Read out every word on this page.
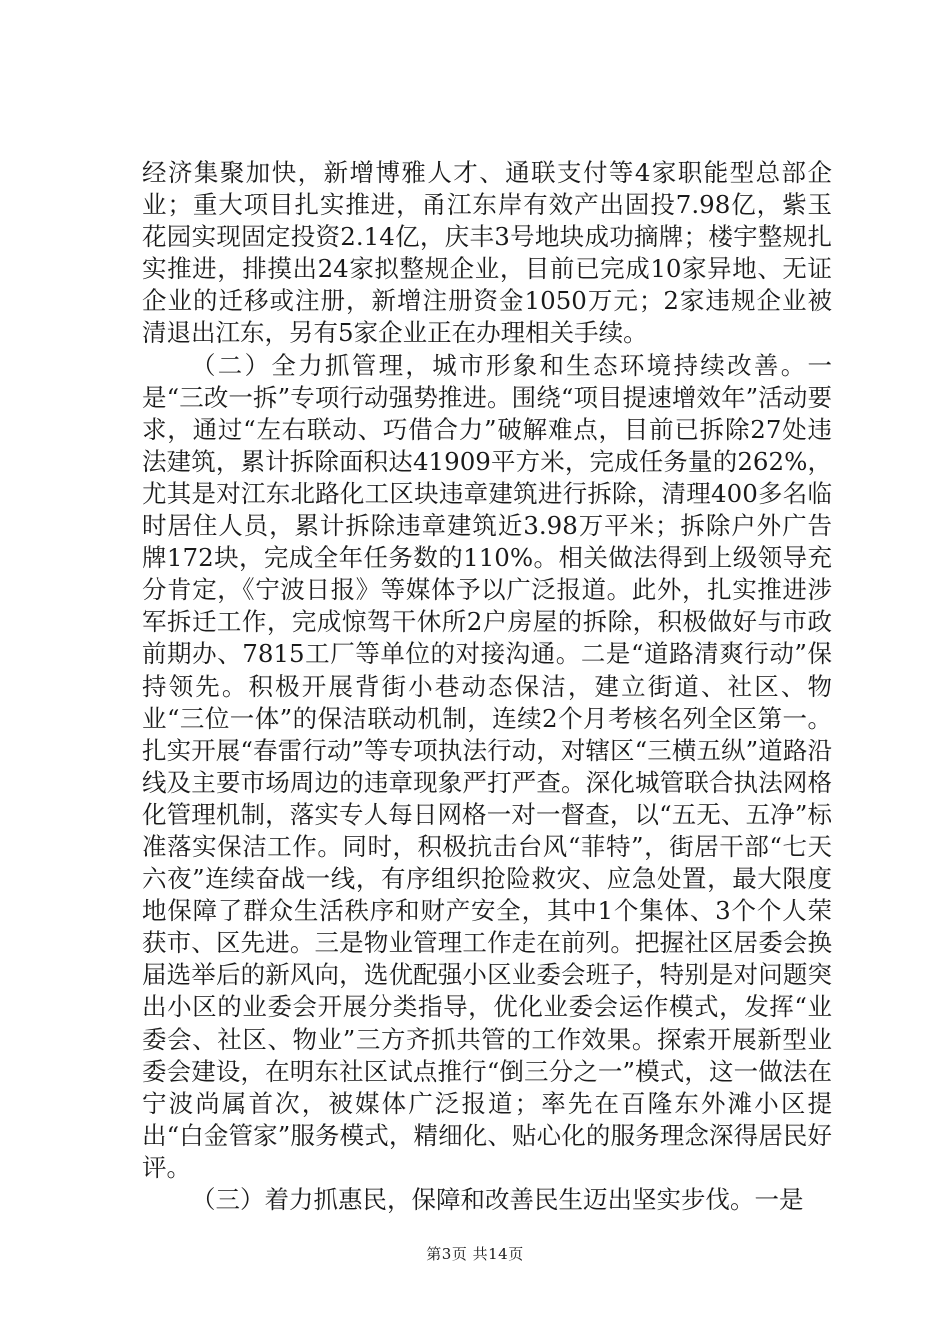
经济集聚加快，新增博雅人才、通联支付等4家职能型总部企业；重大项目扎实推进，甬江东岸有效产出固投7.98亿，紫玉花园实现固定投资2.14亿，庆丰3号地块成功摘牌；楼宇整规扎实推进，排摸出24家拟整规企业，目前已完成10家异地、无证企业的迁移或注册，新增注册资金1050万元；2家违规企业被清退出江东，另有5家企业正在办理相关手续。

（二）全力抓管理，城市形象和生态环境持续改善。一是“三改一拆”专项行动强势推进。围绕“项目提速增效年”活动要求，通过“左右联动、巧借合力”破解难点，目前已拆除27处违法建筑，累计拆除面积达41909平方米，完成任务量的262%，尤其是对江东北路化工区块违章建筑进行拆除，清理400多名临时居住人员，累计拆除违章建筑近3.98万平米；拆除户外广告牌172块，完成全年任务数的110%。相关做法得到上级领导充分肯定，《宁波日报》等媒体予以广泛报道。此外，扎实推进涉军拆迁工作，完成惊驾干休所2户房屋的拆除，积极做好与市政前期办、7815工厂等单位的对接沟通。二是“道路清爽行动”保持领先。积极开展背街小巷动态保洁，建立街道、社区、物业“三位一体”的保洁联动机制，连续2个月考核名列全区第一。扎实开展“春雷行动”等专项执法行动，对辖区“三横五纵”道路沿线及主要市场周边的违章现象严打严查。深化城管联合执法网格化管理机制，落实专人每日网格一对一督查，以“五无、五净”标准落实保洁工作。同时，积极抗击台风“菲特”，街居干部“七天六夜”连续奋战一线，有序组织抢险救灾、应急处置，最大限度地保障了群众生活秩序和财产安全，其中1个集体、3个个人荣获市、区先进。三是物业管理工作走在前列。把握社区居委会换届选举后的新风向，选优配强小区业委会班子，特别是对问题突出小区的业委会开展分类指导，优化业委会运作模式，发挥“业委会、社区、物业”三方齐抓共管的工作效果。探索开展新型业委会建设，在明东社区试点推行“倒三分之一”模式，这一做法在宁波尚属首次，被媒体广泛报道；率先在百隆东外滩小区提出“白金管家”服务模式，精细化、贴心化的服务理念深得居民好评。

（三）着力抓惠民，保障和改善民生迈出坚实步伐。一是

第3页 共14页
